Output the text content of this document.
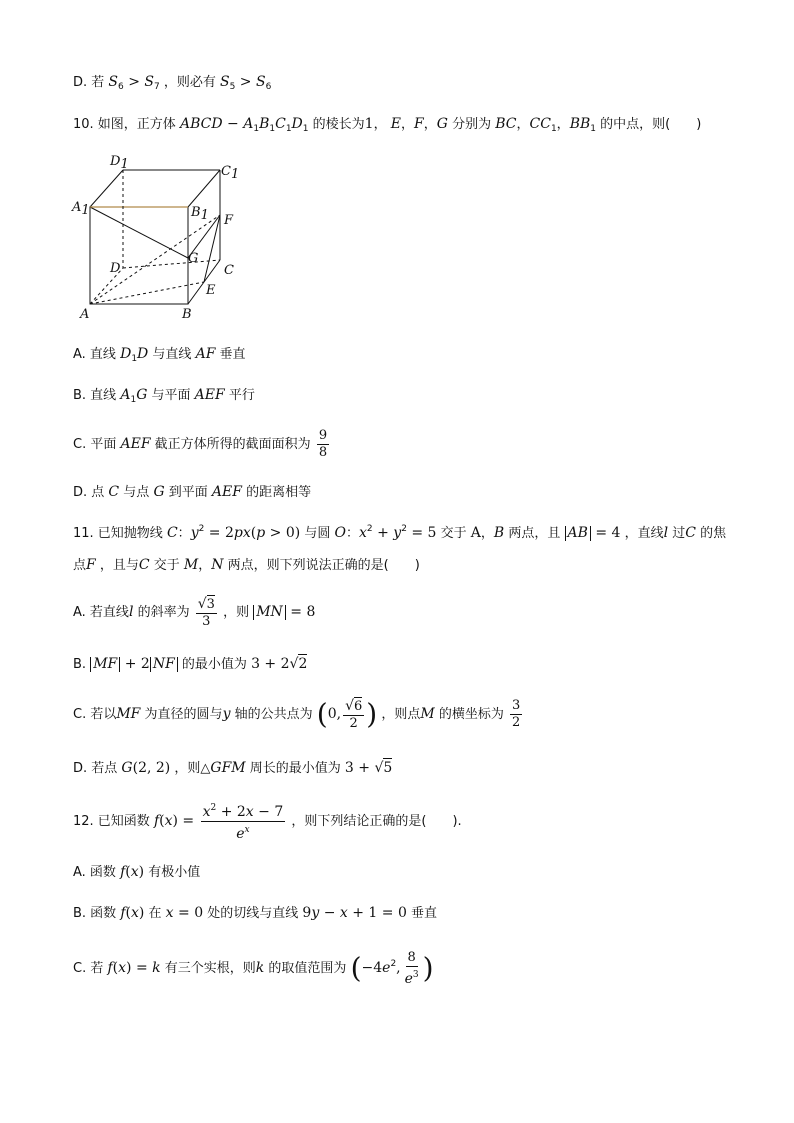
D. 若 $S_6 > S_7$ ，则必有 $S_5 > S_6$
10. 如图，正方体 ABCD − $A_1B_1C_1D_1$ 的棱长为1， E，F，G 分别为 BC，$CC_1$，$BB_1$ 的中点，则(　　)
D1	C1
A1	B1 F
G
D	C
E
A	B
A. 直线 $D_1D$ 与直线 AF 垂直
B. 直线 $A_1G$ 与平面 AEF 平行
C. 平面 AEF 截正方体所得的截面面积为 $\frac{9}{8}$
D. 点 C 与点 G 到平面 AEF 的距离相等
11. 已知抛物线 C：$y^2 = 2px(p > 0)$ 与圆 O：$x^2 + y^2 = 5$ 交于 A，B 两点，且 AB = 4 ，直线l 过C 的焦
点F ，且与C 交于 M，N 两点，则下列说法正确的是(　　)
A. 若直线l 的斜率为 $\frac{√3}{3}$ ，则 MN = 8
B. MF + 2 NF 的最小值为 3 + 2√2
C. 若以MF 为直径的圆与y 轴的公共点为 (0, $\frac{√6}{2}$ ) ，则点M 的横坐标为 $\frac{3}{2}$
D. 若点 G(2, 2) ，则△GFM 周长的最小值为 3 + √5
12. 已知函数 $f(x) = \frac{x^2 + 2x - 7}{e^x}$ ，则下列结论正确的是(　　).
A. 函数 f(x) 有极小值
B. 函数 f(x) 在 x = 0 处的切线与直线 9y − x + 1 = 0 垂直
C. 若 f(x) = k 有三个实根，则k 的取值范围为 ($-4e^2$, $\frac{8}{e^3}$ )
